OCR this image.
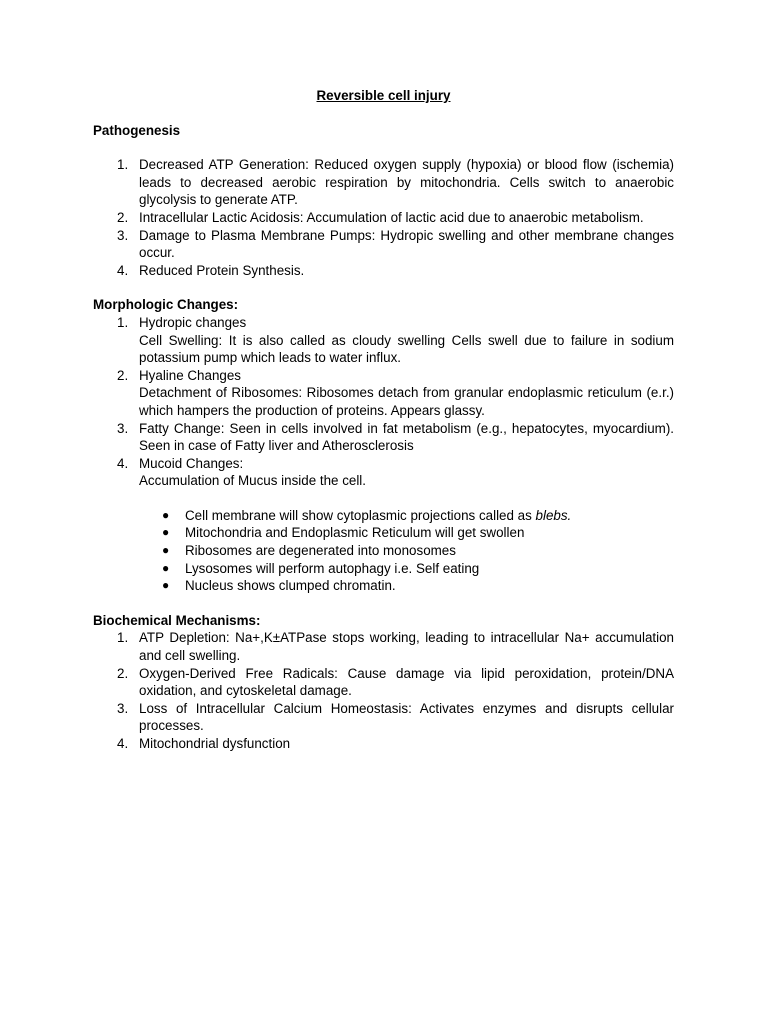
Reversible cell injury
Pathogenesis
1. Decreased ATP Generation: Reduced oxygen supply (hypoxia) or blood flow (ischemia) leads to decreased aerobic respiration by mitochondria. Cells switch to anaerobic glycolysis to generate ATP.
2. Intracellular Lactic Acidosis: Accumulation of lactic acid due to anaerobic metabolism.
3. Damage to Plasma Membrane Pumps: Hydropic swelling and other membrane changes occur.
4. Reduced Protein Synthesis.
Morphologic Changes:
1. Hydropic changes
Cell Swelling: It is also called as cloudy swelling Cells swell due to failure in sodium potassium pump which leads to water influx.
2. Hyaline Changes
Detachment of Ribosomes: Ribosomes detach from granular endoplasmic reticulum (e.r.) which hampers the production of proteins. Appears glassy.
3. Fatty Change: Seen in cells involved in fat metabolism (e.g., hepatocytes, myocardium). Seen in case of Fatty liver and Atherosclerosis
4. Mucoid Changes:
Accumulation of Mucus inside the cell.
● Cell membrane will show cytoplasmic projections called as blebs.
● Mitochondria and Endoplasmic Reticulum will get swollen
● Ribosomes are degenerated into monosomes
● Lysosomes will perform autophagy i.e. Self eating
● Nucleus shows clumped chromatin.
Biochemical Mechanisms:
1. ATP Depletion: Na+,K±ATPase stops working, leading to intracellular Na+ accumulation and cell swelling.
2. Oxygen-Derived Free Radicals: Cause damage via lipid peroxidation, protein/DNA oxidation, and cytoskeletal damage.
3. Loss of Intracellular Calcium Homeostasis: Activates enzymes and disrupts cellular processes.
4. Mitochondrial dysfunction
